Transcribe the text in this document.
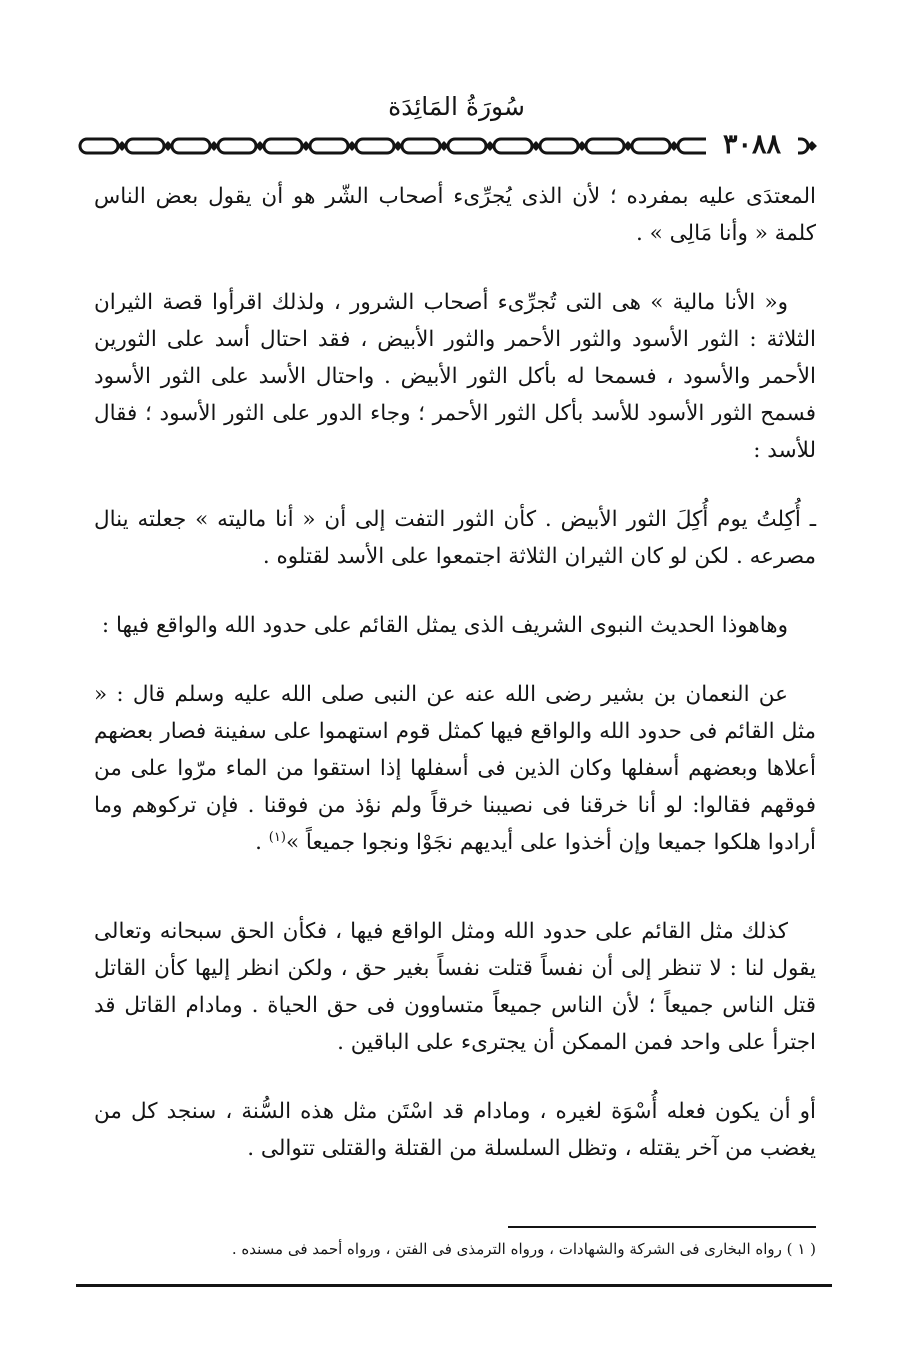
سُورَةُ المَائِدَة
٣٠٨٨

المعتدَى عليه بمفرده ؛ لأن الذى يُجرِّىء أصحاب الشّر هو أن يقول بعض الناس كلمة « وأنا مَالِى » .

و« الأنا مالية » هى التى تُجرِّىء أصحاب الشرور ، ولذلك اقرأوا قصة الثيران الثلاثة : الثور الأسود والثور الأحمر والثور الأبيض ، فقد احتال أسد على الثورين الأحمر والأسود ، فسمحا له بأكل الثور الأبيض . واحتال الأسد على الثور الأسود فسمح الثور الأسود للأسد بأكل الثور الأحمر ؛ وجاء الدور على الثور الأسود ؛ فقال للأسد :

ـ أُكِلتُ يوم أُكِلَ الثور الأبيض . كأن الثور التفت إلى أن « أنا ماليته » جعلته ينال مصرعه . لكن لو كان الثيران الثلاثة اجتمعوا على الأسد لقتلوه .

وهاهوذا الحديث النبوى الشريف الذى يمثل القائم على حدود الله والواقع فيها :

عن النعمان بن بشير رضى الله عنه عن النبى صلى الله عليه وسلم قال : « مثل القائم فى حدود الله والواقع فيها كمثل قوم استهموا على سفينة فصار بعضهم أعلاها وبعضهم أسفلها وكان الذين فى أسفلها إذا استقوا من الماء مرّوا على من فوقهم فقالوا: لو أنا خرقنا فى نصيبنا خرقاً ولم نؤذ من فوقنا . فإن تركوهم وما أرادوا هلكوا جميعا وإن أخذوا على أيديهم نجَوْا ونجوا جميعاً »$^{(١)}$ .

كذلك مثل القائم على حدود الله ومثل الواقع فيها ، فكأن الحق سبحانه وتعالى يقول لنا : لا تنظر إلى أن نفساً قتلت نفساً بغير حق ، ولكن انظر إليها كأن القاتل قتل الناس جميعاً ؛ لأن الناس جميعاً متساوون فى حق الحياة . ومادام القاتل قد اجترأ على واحد فمن الممكن أن يجترىء على الباقين .

أو أن يكون فعله أُسْوَة لغيره ، ومادام قد اسْتَن مثل هذه السُّنة ، سنجد كل من يغضب من آخر يقتله ، وتظل السلسلة من القتلة والقتلى تتوالى .

( ١ ) رواه البخارى فى الشركة والشهادات ، ورواه الترمذى فى الفتن ، ورواه أحمد فى مسنده .
